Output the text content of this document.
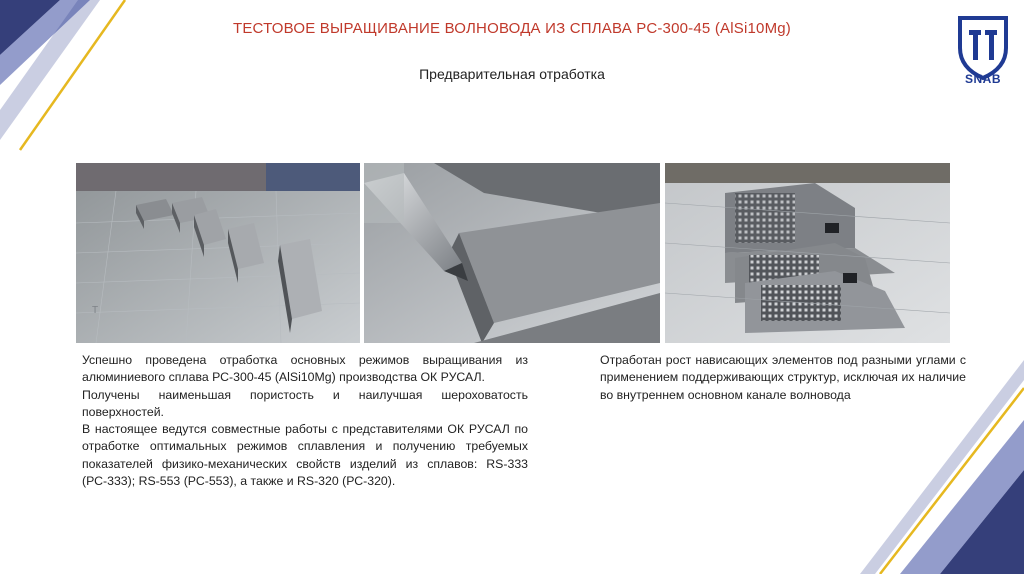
ТЕСТОВОЕ ВЫРАЩИВАНИЕ ВОЛНОВОДА ИЗ СПЛАВА РС-300-45 (AlSi10Mg)
Предварительная отработка	SNAB
T

Успешно проведена отработка основных режимов выращивания из алюминиевого сплава РС-300-45 (AlSi10Mg) производства ОК РУСАЛ.

Получены наименьшая пористость и наилучшая шероховатость поверхностей.

В настоящее ведутся совместные работы с представителями ОК РУСАЛ по отработке оптимальных режимов сплавления и получению требуемых показателей физико-механических свойств изделий из сплавов: RS-333 (РС-333); RS-553 (РС-553), а также и RS-320 (РС-320).

Отработан рост нависающих элементов под разными углами с применением поддерживающих структур, исключая их наличие во внутреннем основном канале волновода
